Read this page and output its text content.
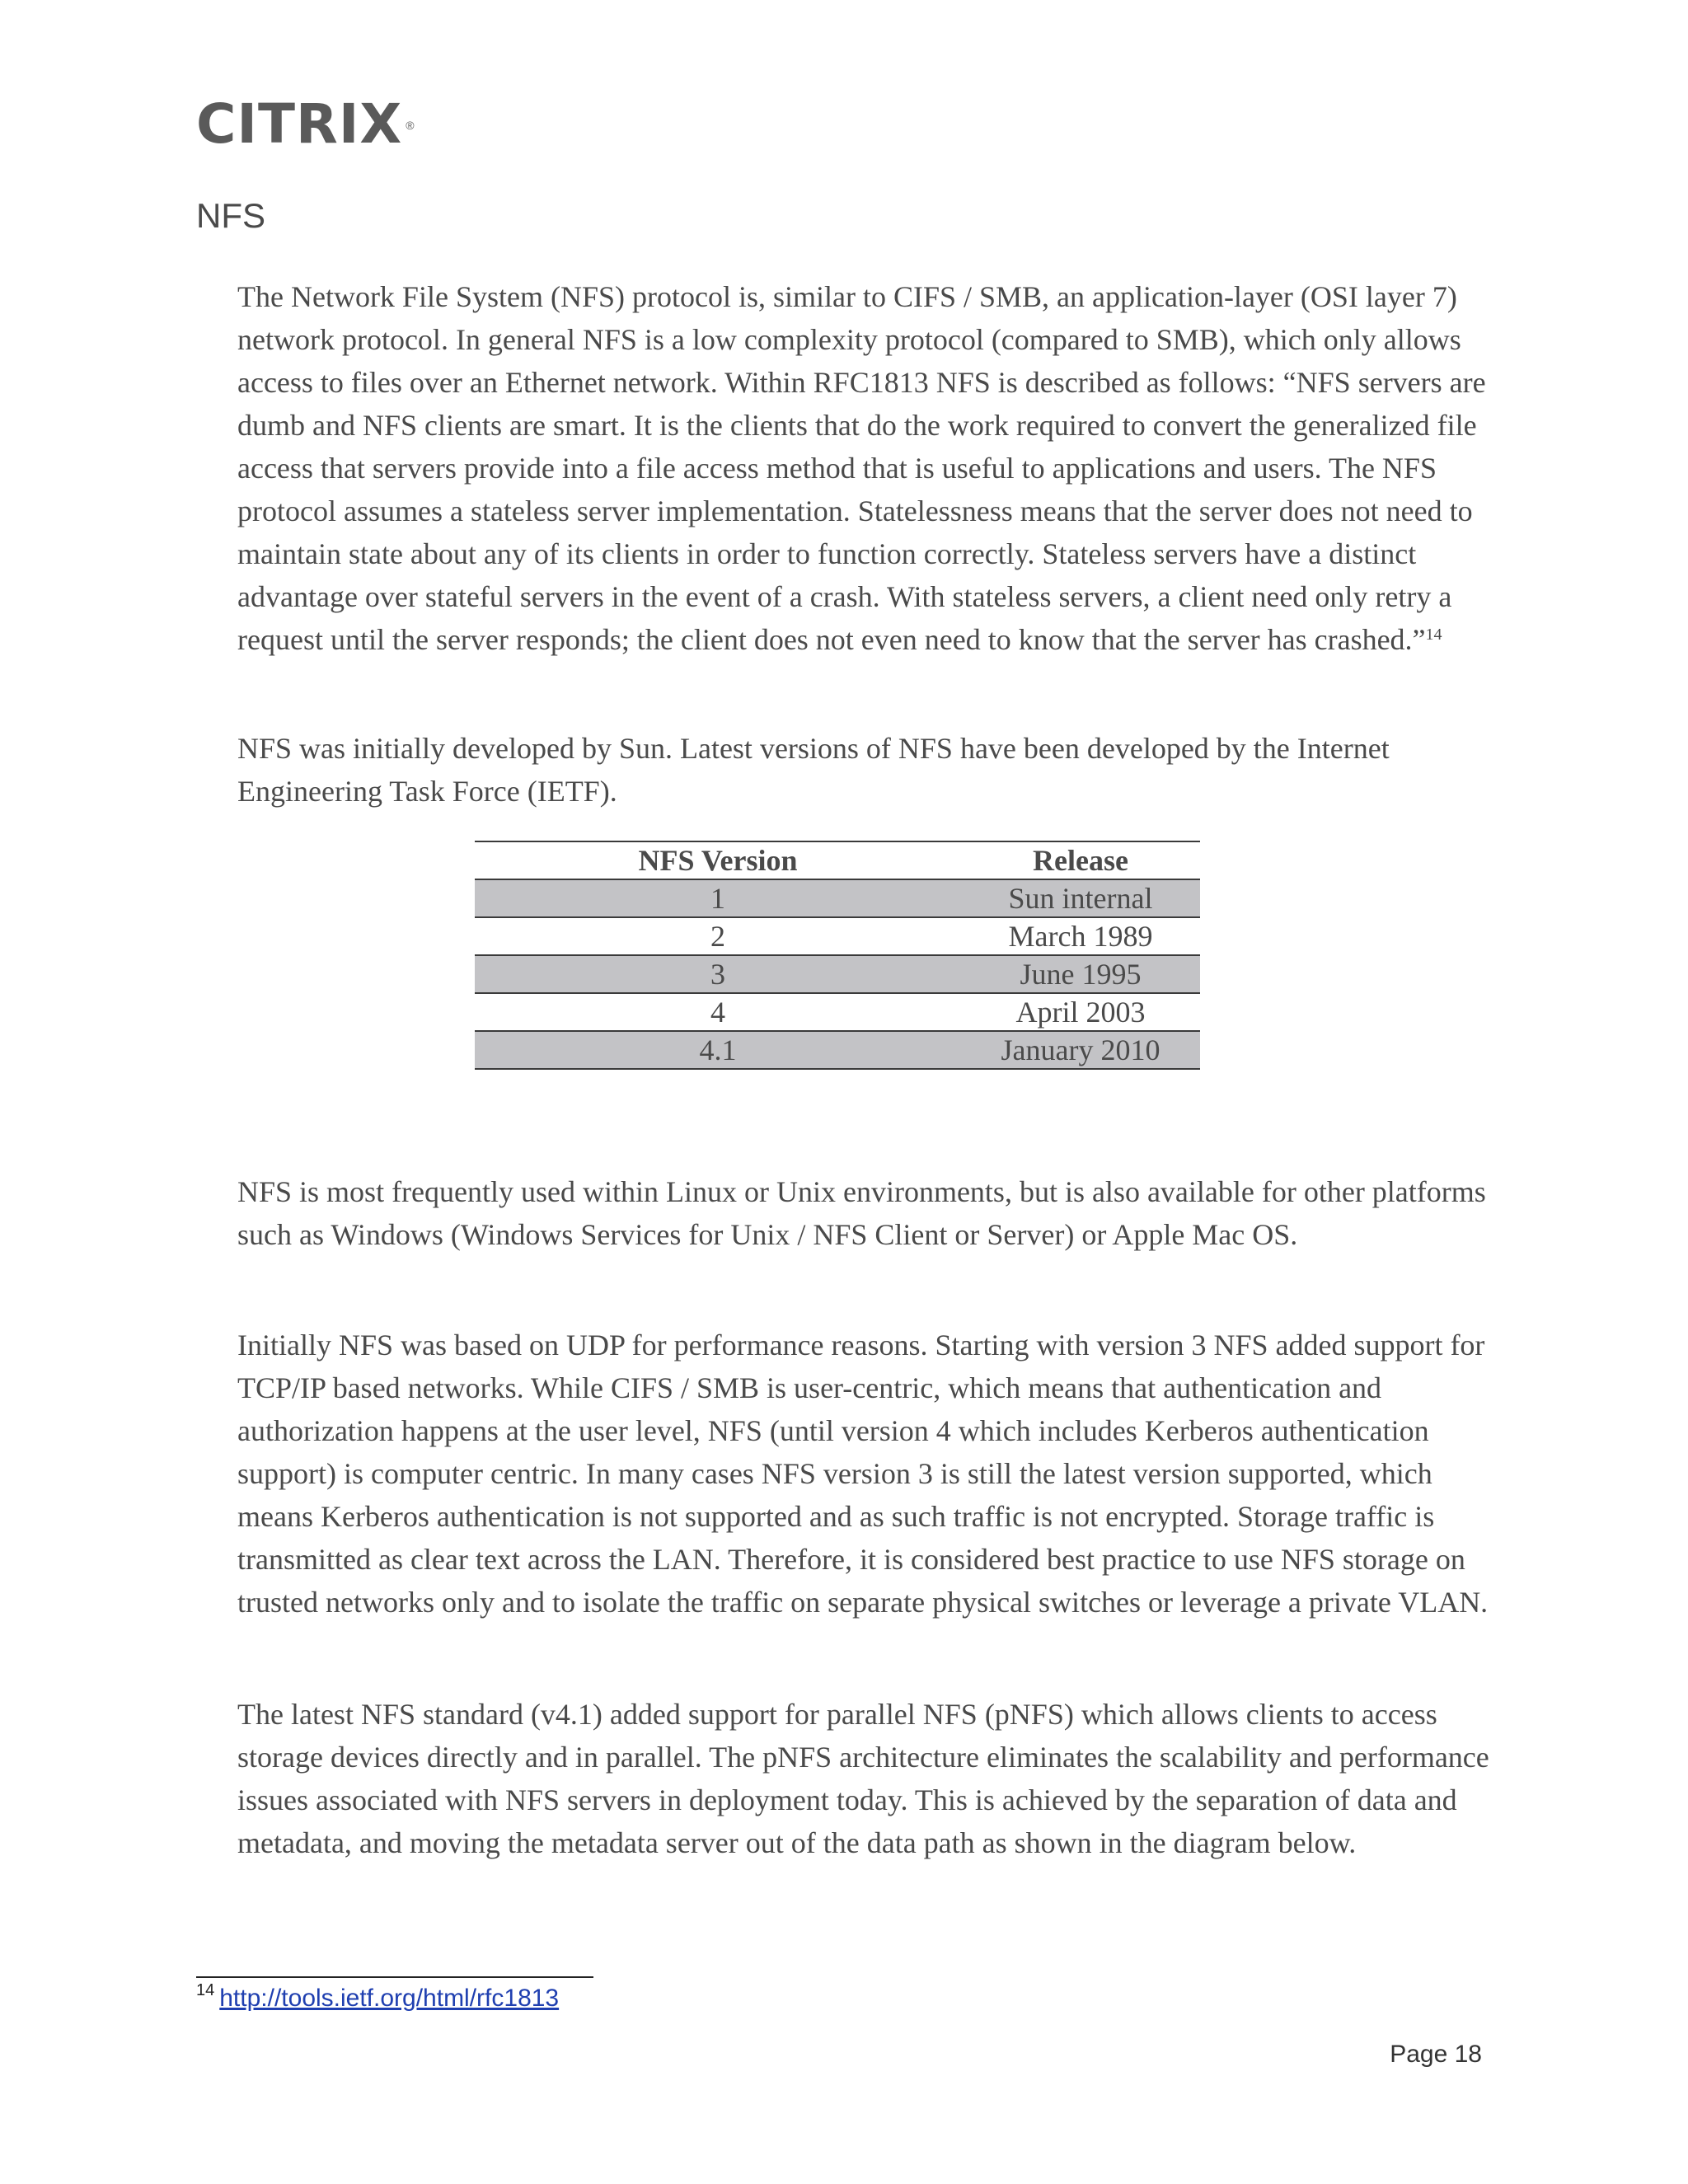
CITRIX ®
NFS

The Network File System (NFS) protocol is, similar to CIFS / SMB, an application-layer (OSI layer 7) network protocol. In general NFS is a low complexity protocol (compared to SMB), which only allows access to files over an Ethernet network. Within RFC1813 NFS is described as follows: “NFS servers are dumb and NFS clients are smart. It is the clients that do the work required to convert the generalized file access that servers provide into a file access method that is useful to applications and users. The NFS protocol assumes a stateless server implementation. Statelessness means that the server does not need to maintain state about any of its clients in order to function correctly. Stateless servers have a distinct advantage over stateful servers in the event of a crash. With stateless servers, a client need only retry a request until the server responds; the client does not even need to know that the server has crashed.”$^{14}$

NFS was initially developed by Sun. Latest versions of NFS have been developed by the Internet Engineering Task Force (IETF).

NFS Version	Release
1	Sun internal
2	March 1989
3	June 1995
4	April 2003
4.1	January 2010

NFS is most frequently used within Linux or Unix environments, but is also available for other platforms such as Windows (Windows Services for Unix / NFS Client or Server) or Apple Mac OS.

Initially NFS was based on UDP for performance reasons. Starting with version 3 NFS added support for TCP/IP based networks. While CIFS / SMB is user-centric, which means that authentication and authorization happens at the user level, NFS (until version 4 which includes Kerberos authentication support) is computer centric. In many cases NFS version 3 is still the latest version supported, which means Kerberos authentication is not supported and as such traffic is not encrypted. Storage traffic is transmitted as clear text across the LAN. Therefore, it is considered best practice to use NFS storage on trusted networks only and to isolate the traffic on separate physical switches or leverage a private VLAN.

The latest NFS standard (v4.1) added support for parallel NFS (pNFS) which allows clients to access storage devices directly and in parallel. The pNFS architecture eliminates the scalability and performance issues associated with NFS servers in deployment today. This is achieved by the separation of data and metadata, and moving the metadata server out of the data path as shown in the diagram below.

$^{14}$ http://tools.ietf.org/html/rfc1813
Page 18
